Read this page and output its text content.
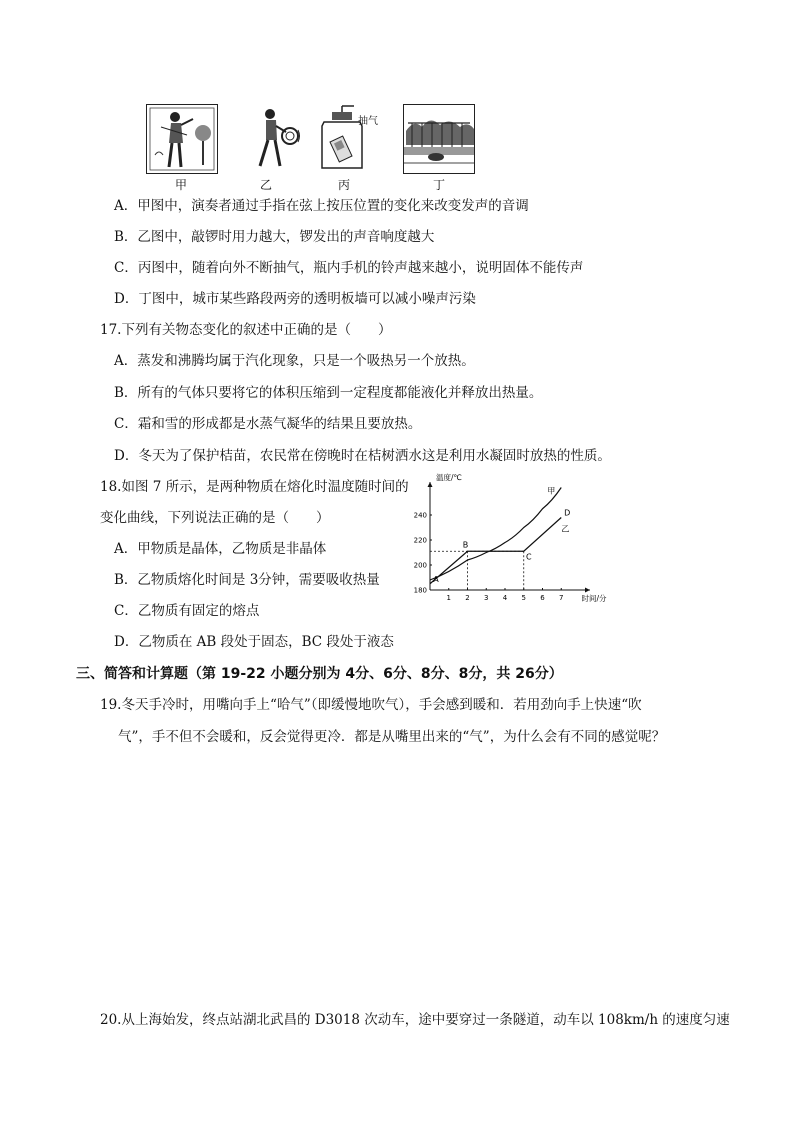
抽气
甲	乙	丙	丁
A．甲图中，演奏者通过手指在弦上按压位置的变化来改变发声的音调
B．乙图中，敲锣时用力越大，锣发出的声音响度越大
C．丙图中，随着向外不断抽气，瓶内手机的铃声越来越小，说明固体不能传声
D．丁图中，城市某些路段两旁的透明板墙可以减小噪声污染
17.下列有关物态变化的叙述中正确的是（　　）
A．蒸发和沸腾均属于汽化现象，只是一个吸热另一个放热。
B．所有的气体只要将它的体积压缩到一定程度都能液化并释放出热量。
C．霜和雪的形成都是水蒸气凝华的结果且要放热。
D．冬天为了保护桔苗，农民常在傍晚时在桔树洒水这是利用水凝固时放热的性质。
18.如图 7 所示，是两种物质在熔化时温度随时间的
变化曲线，下列说法正确的是（　　）
A．甲物质是晶体，乙物质是非晶体
B．乙物质熔化时间是 3分钟，需要吸收热量
C．乙物质有固定的熔点
D．乙物质在 AB 段处于固态，BC 段处于液态
温度/℃
时间/分
1 2 3 4 5 6 7
180
200
220
240
甲
乙
A
B
C
D
三、简答和计算题（第 19-22 小题分别为 4分、6分、8分、8分，共 26分）
19.冬天手冷时，用嘴向手上“哈气”（即缓慢地吹气），手会感到暖和．若用劲向手上快速“吹
气”，手不但不会暖和，反会觉得更冷．都是从嘴里出来的“气”，为什么会有不同的感觉呢？
20.从上海始发，终点站湖北武昌的 D3018 次动车，途中要穿过一条隧道，动车以 108km/h 的速度匀速
